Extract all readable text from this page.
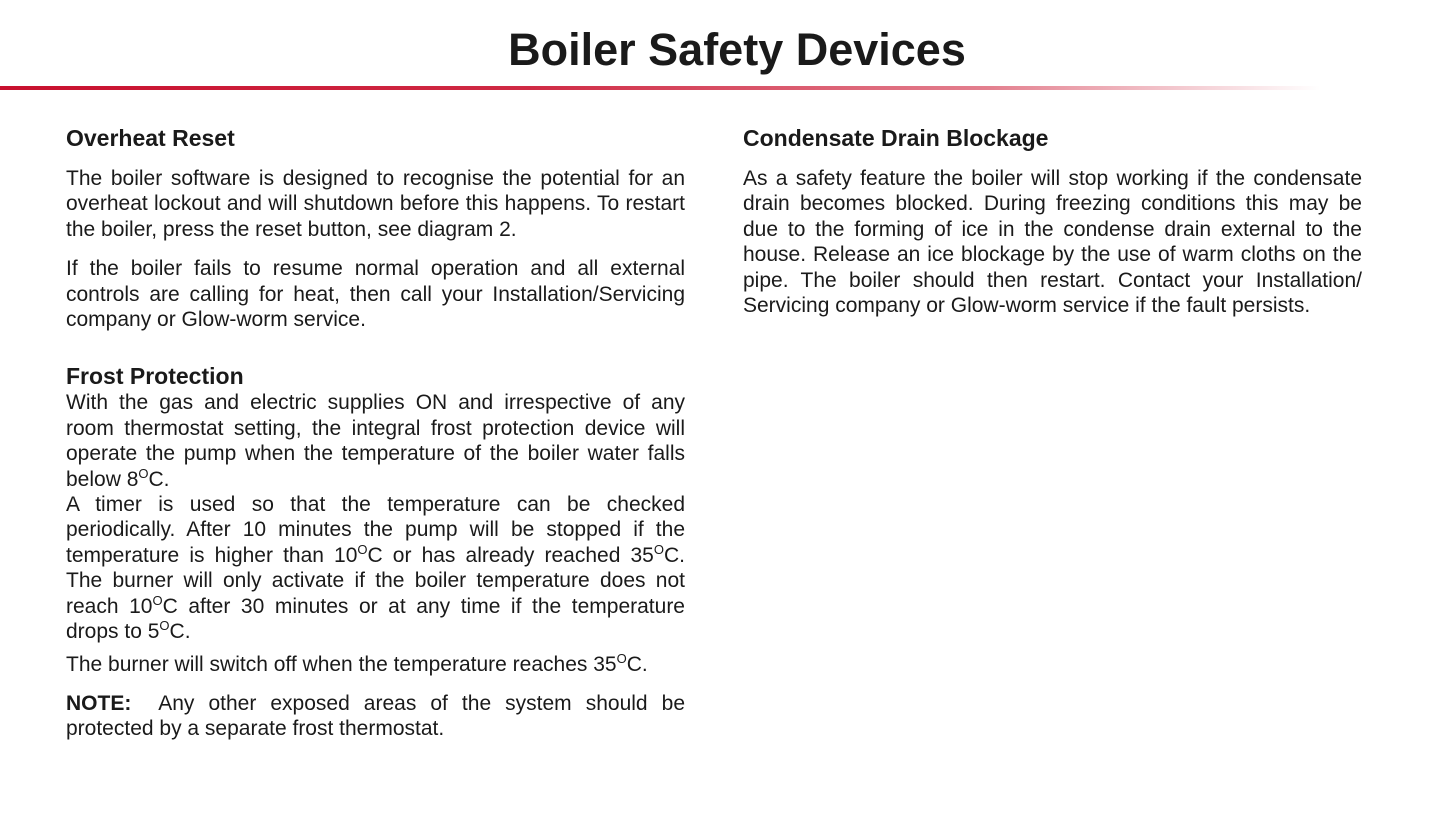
Boiler Safety Devices
Overheat Reset

The boiler software is designed to recognise the potential for an overheat lockout and will shutdown before this happens. To restart the boiler, press the reset button, see diagram 2.

If the boiler fails to resume normal operation and all external controls are calling for heat, then call your Installation/Servicing company or Glow-worm service.

Frost Protection

With the gas and electric supplies ON and irrespective of any room thermostat setting, the integral frost protection device will operate the pump when the temperature of the boiler water falls below $8^OC$.

A timer is used so that the temperature can be checked periodically. After 10 minutes the pump will be stopped if the temperature is higher than $10^OC$ or has already reached $35^OC$. The burner will only activate if the boiler temperature does not reach $10^OC$ after 30 minutes or at any time if the temperature drops to $5^OC$.

The burner will switch off when the temperature reaches $35^OC$.

NOTE:  Any other exposed areas of the system should be protected by a separate frost thermostat.

Condensate Drain Blockage

As a safety feature the boiler will stop working if the condensate drain becomes blocked. During freezing conditions this may be due to the forming of ice in the condense drain external to the house. Release an ice blockage by the use of warm cloths on the pipe. The boiler should then restart. Contact your Installation/ Servicing company or Glow-worm service if the fault persists.
